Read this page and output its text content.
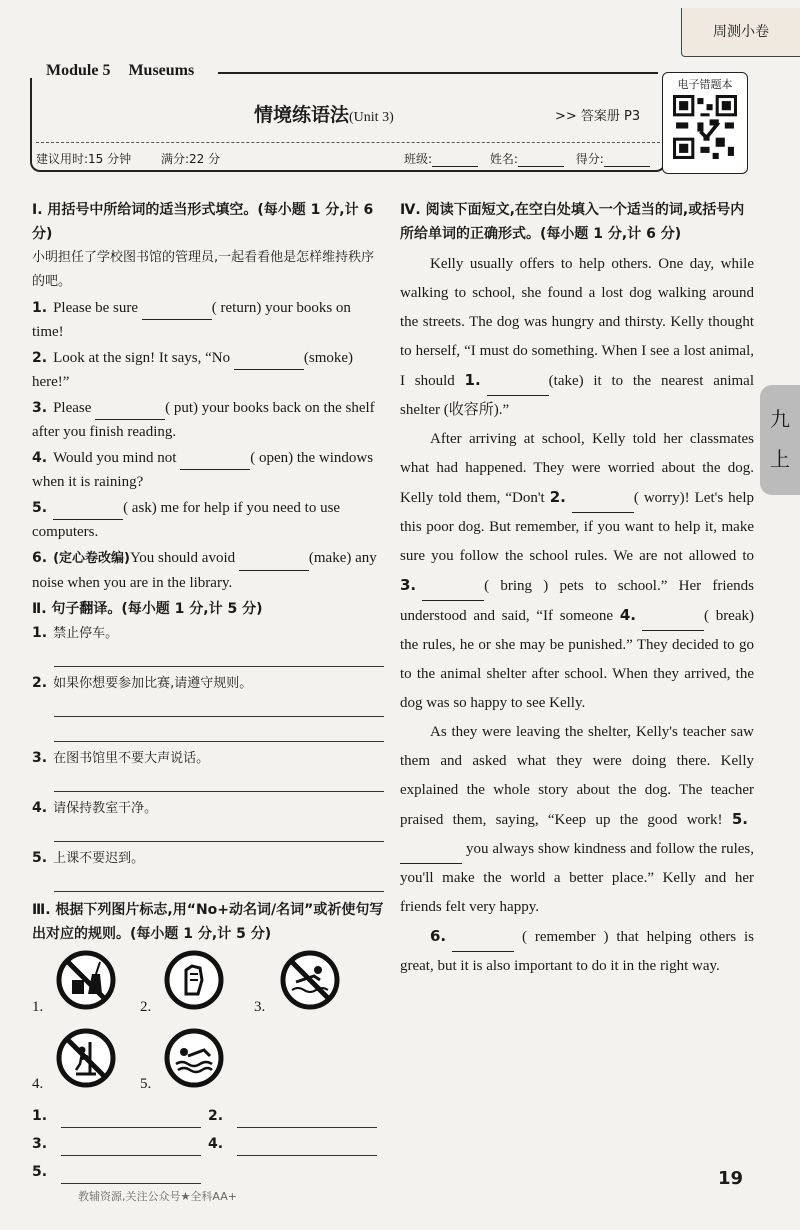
周测小卷
Module 5 Museums
情境练语法(Unit 3)	>> 答案册 P3
建议用时:15 分钟 满分:22 分	班级:	姓名:	得分:
电子错题本
九
上
Ⅰ. 用括号中所给词的适当形式填空。(每小题 1 分,计 6 分)
小明担任了学校图书馆的管理员,一起看看他是怎样维持秩序的吧。
1. Please be sure	( return) your books on time!
2. Look at the sign! It says, “No	(smoke) here!”
3. Please	( put) your books back on the shelf after you finish reading.
4. Would you mind not	( open) the windows when it is raining?
5.	( ask) me for help if you need to use computers.
6. (定心卷改编)You should avoid	(make) any noise when you are in the library.
Ⅱ. 句子翻译。(每小题 1 分,计 5 分)
1. 禁止停车。
2. 如果你想要参加比赛,请遵守规则。
3. 在图书馆里不要大声说话。
4. 请保持教室干净。
5. 上课不要迟到。
Ⅲ. 根据下列图片标志,用“No+动名词/名词”或祈使句写出对应的规则。(每小题 1 分,计 5 分)
1.	2.	3.
4.	5.
1.	2.
3.	4.
5.
Ⅳ. 阅读下面短文,在空白处填入一个适当的词,或括号内所给单词的正确形式。(每小题 1 分,计 6 分)

Kelly usually offers to help others. One day, while walking to school, she found a lost dog walking around the streets. The dog was hungry and thirsty. Kelly thought to herself, “I must do something. When I see a lost animal, I should 1.	(take) it to the nearest animal shelter (收容所).”

After arriving at school, Kelly told her classmates what had happened. They were worried about the dog. Kelly told them, “Don't 2.	( worry)! Let's help this poor dog. But remember, if you want to help it, make sure you follow the school rules. We are not allowed to 3.	( bring ) pets to school.” Her friends understood and said, “If someone 4.	( break) the rules, he or she may be punished.” They decided to go to the animal shelter after school. When they arrived, the dog was so happy to see Kelly.

As they were leaving the shelter, Kelly's teacher saw them and asked what they were doing there. Kelly explained the whole story about the dog. The teacher praised them, saying, “Keep up the good work! 5. you always show kindness and follow the rules, you'll make the world a better place.” Kelly and her friends felt very happy.

6.	( remember ) that helping others is great, but it is also important to do it in the right way.

19
教辅资源,关注公众号★全科AA+
